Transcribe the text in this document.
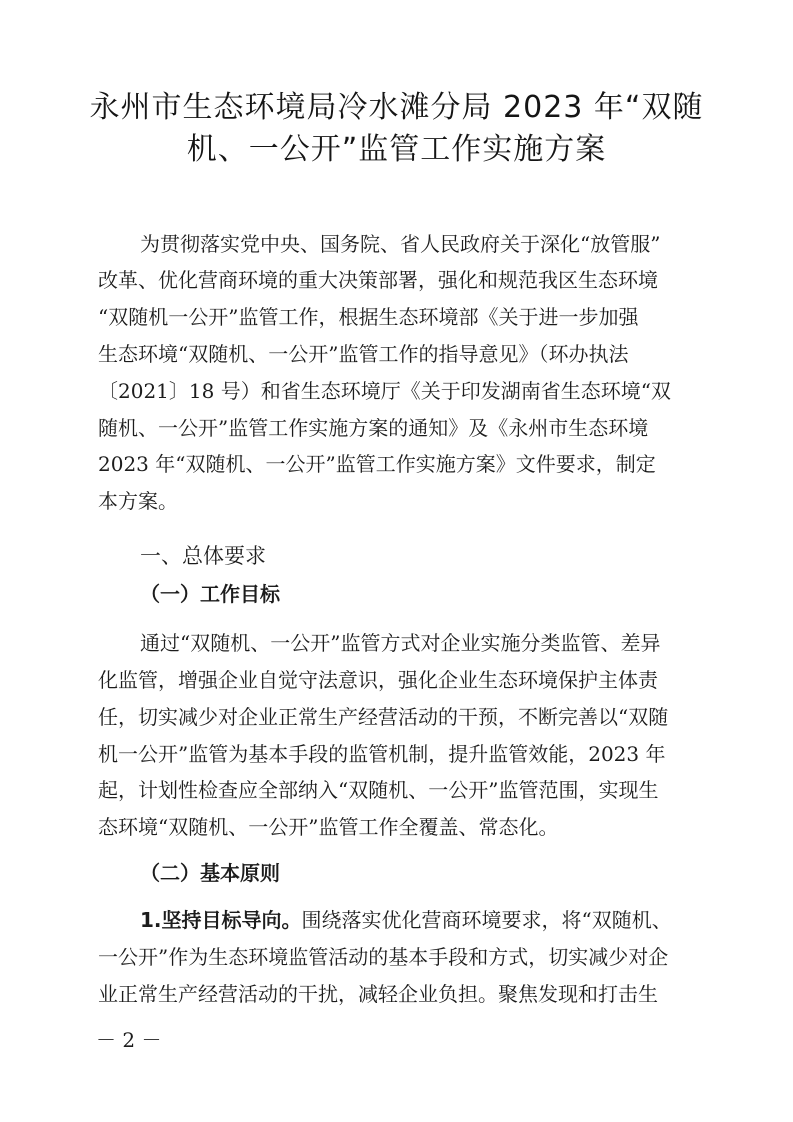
永州市生态环境局冷水滩分局 2023 年“双随
机、一公开”监管工作实施方案
为贯彻落实党中央、国务院、省人民政府关于深化“放管服”
改革、优化营商环境的重大决策部署，强化和规范我区生态环境
“双随机一公开”监管工作，根据生态环境部《关于进一步加强
生态环境“双随机、一公开”监管工作的指导意见》（环办执法
〔2021〕18 号）和省生态环境厅《关于印发湖南省生态环境“双
随机、一公开”监管工作实施方案的通知》及《永州市生态环境
2023 年“双随机、一公开”监管工作实施方案》文件要求，制定
本方案。
一、总体要求
（一）工作目标
通过“双随机、一公开”监管方式对企业实施分类监管、差异
化监管，增强企业自觉守法意识，强化企业生态环境保护主体责
任，切实减少对企业正常生产经营活动的干预，不断完善以“双随
机一公开”监管为基本手段的监管机制，提升监管效能，2023 年
起，计划性检查应全部纳入“双随机、一公开”监管范围，实现生
态环境“双随机、一公开”监管工作全覆盖、常态化。
（二）基本原则
1.坚持目标导向。围绕落实优化营商环境要求，将“双随机、
一公开”作为生态环境监管活动的基本手段和方式，切实减少对企
业正常生产经营活动的干扰，减轻企业负担。聚焦发现和打击生
－ 2 －
